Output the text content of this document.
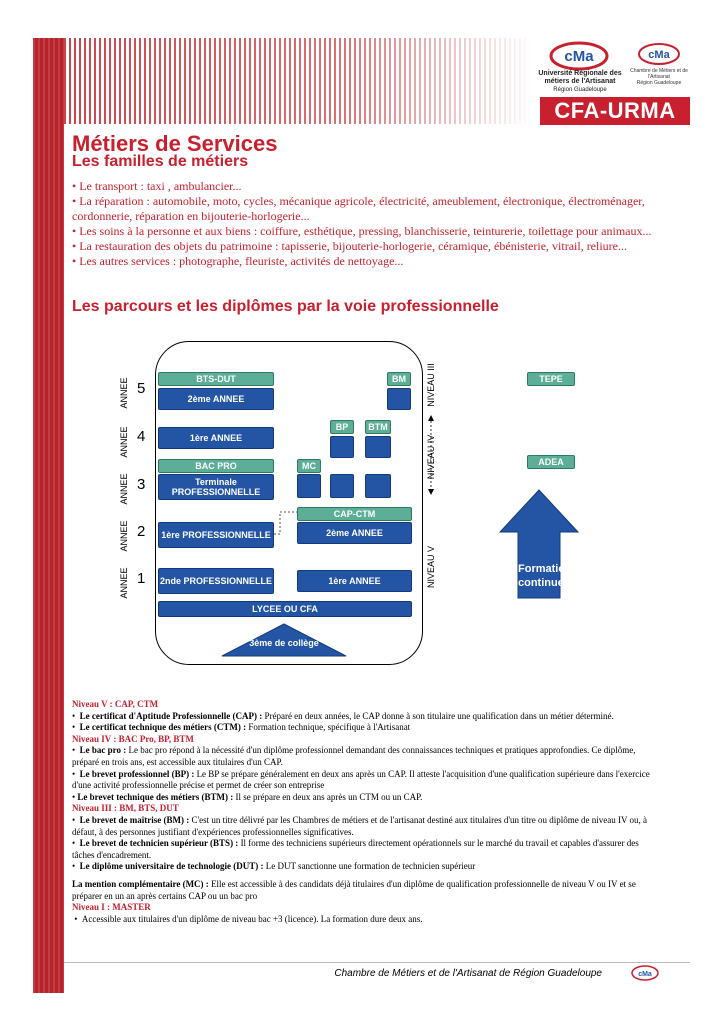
cMa
Université Régionale des métiers de l'Artisanat
Région Guadeloupe
cMa
Chambre de Métiers et de l'Artisanat
Région Guadeloupe
CFA-URMA
Métiers de Services
Les familles de métiers
• Le transport : taxi , ambulancier...
• La réparation : automobile, moto, cycles, mécanique agricole, électricité, ameublement, électronique, électroménager, cordonnerie, réparation en bijouterie-horlogerie...
• Les soins à la personne et aux biens : coiffure, esthétique, pressing, blanchisserie, teinturerie, toilettage pour animaux...
• La restauration des objets du patrimoine : tapisserie, bijouterie-horlogerie, céramique, ébénisterie, vitrail, reliure...
• Les autres services : photographe, fleuriste, activités de nettoyage...
Les parcours et les diplômes par la voie professionnelle
ANNEE
ANNEE
ANNEE
ANNEE
ANNEE
5
4
3
2
1
BTS-DUT
2ème ANNEE
1ère ANNEE
BAC PRO
Terminale PROFESSIONNELLE
1ère PROFESSIONNELLE
2nde PROFESSIONNELLE
BM
BP	BTM
MC
CAP-CTM
2ème ANNEE
1ère ANNEE
LYCEE OU CFA
3ème de collège
NIVEAU III
NIVEAU IV
NIVEAU V
TEPE
ADEA
Formation continue
Niveau V : CAP, CTM
•  Le certificat d'Aptitude Professionnelle (CAP) : Préparé en deux années, le CAP donne à son titulaire une qualification dans un métier déterminé.
•  Le certificat technique des métiers (CTM) : Formation technique, spécifique à l'Artisanat
Niveau IV : BAC Pro, BP, BTM
•  Le bac pro : Le bac pro répond à la nécessité d'un diplôme professionnel demandant des connaissances techniques et pratiques approfondies. Ce diplôme, préparé en trois ans, est accessible aux titulaires d'un CAP.
•  Le brevet professionnel (BP) : Le BP se prépare généralement en deux ans après un CAP. Il atteste l'acquisition d'une qualification supérieure dans l'exercice d'une activité professionnelle précise et permet de créer son entreprise
• Le brevet technique des métiers (BTM) : Il se prépare en deux ans après un CTM ou un CAP.
Niveau III : BM, BTS, DUT
•  Le brevet de maîtrise (BM) : C'est un titre délivré par les Chambres de métiers et de l'artisanat destiné aux titulaires d'un titre ou diplôme de niveau IV ou, à défaut, à des personnes justifiant d'expériences professionnelles significatives.
•  Le brevet de technicien supérieur (BTS) : Il forme des techniciens supérieurs directement opérationnels sur le marché du travail et capables d'assurer des tâches d'encadrement.
•  Le diplôme universitaire de technologie (DUT) : Le DUT sanctionne une formation de technicien supérieur
La mention complémentaire (MC) : Elle est accessible à des candidats déjà titulaires d'un diplôme de qualification professionnelle de niveau V ou IV et se préparer en un an après certains CAP ou un bac pro
Niveau I : MASTER
•  Accessible aux titulaires d'un diplôme de niveau bac +3 (licence). La formation dure deux ans.
Chambre de Métiers et de l'Artisanat de Région Guadeloupe	cMa
